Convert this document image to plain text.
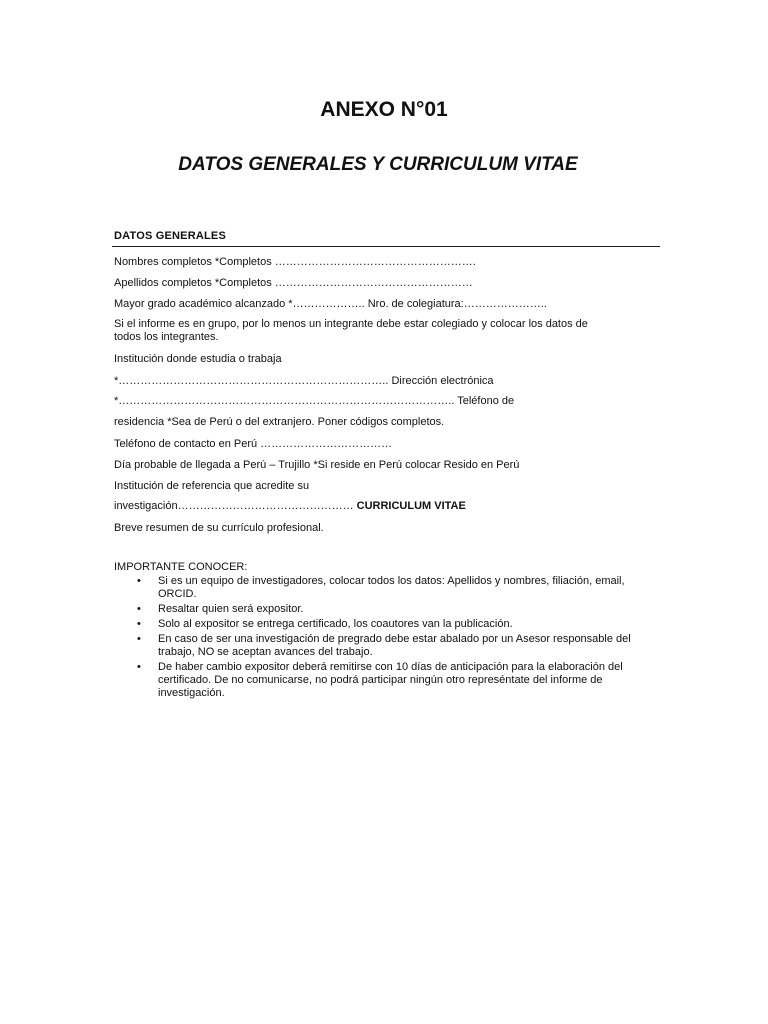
ANEXO N°01
DATOS GENERALES Y CURRICULUM VITAE
DATOS GENERALES
Nombres completos *Completos ……………………………………………….
Apellidos completos *Completos ………………………………………………
Mayor grado académico alcanzado *……………….. Nro. de colegiatura:…………………..
Si el informe es en grupo, por lo menos un integrante debe estar colegiado y colocar los datos de todos los integrantes.
Institución donde estudia o trabaja
*……………………………………………………………….. Dirección electrónica
*……………………………………………………………………………….. Teléfono de
residencia *Sea de Perú o del extranjero. Poner códigos completos.
Teléfono de contacto en Perú ………………………………
Día probable de llegada a Perú – Trujillo *Si reside en Perú colocar Resido en Perú
Institución de referencia que acredite su
investigación………………………………………… CURRICULUM VITAE
Breve resumen de su currículo profesional.
IMPORTANTE CONOCER:
• Si es un equipo de investigadores, colocar todos los datos: Apellidos y nombres, filiación, email, ORCID.
• Resaltar quien será expositor.
• Solo al expositor se entrega certificado, los coautores van la publicación.
• En caso de ser una investigación de pregrado debe estar abalado por un Asesor responsable del trabajo, NO se aceptan avances del trabajo.
• De haber cambio expositor deberá remitirse con 10 días de anticipación para la elaboración del certificado. De no comunicarse, no podrá participar ningún otro represéntate del informe de investigación.
